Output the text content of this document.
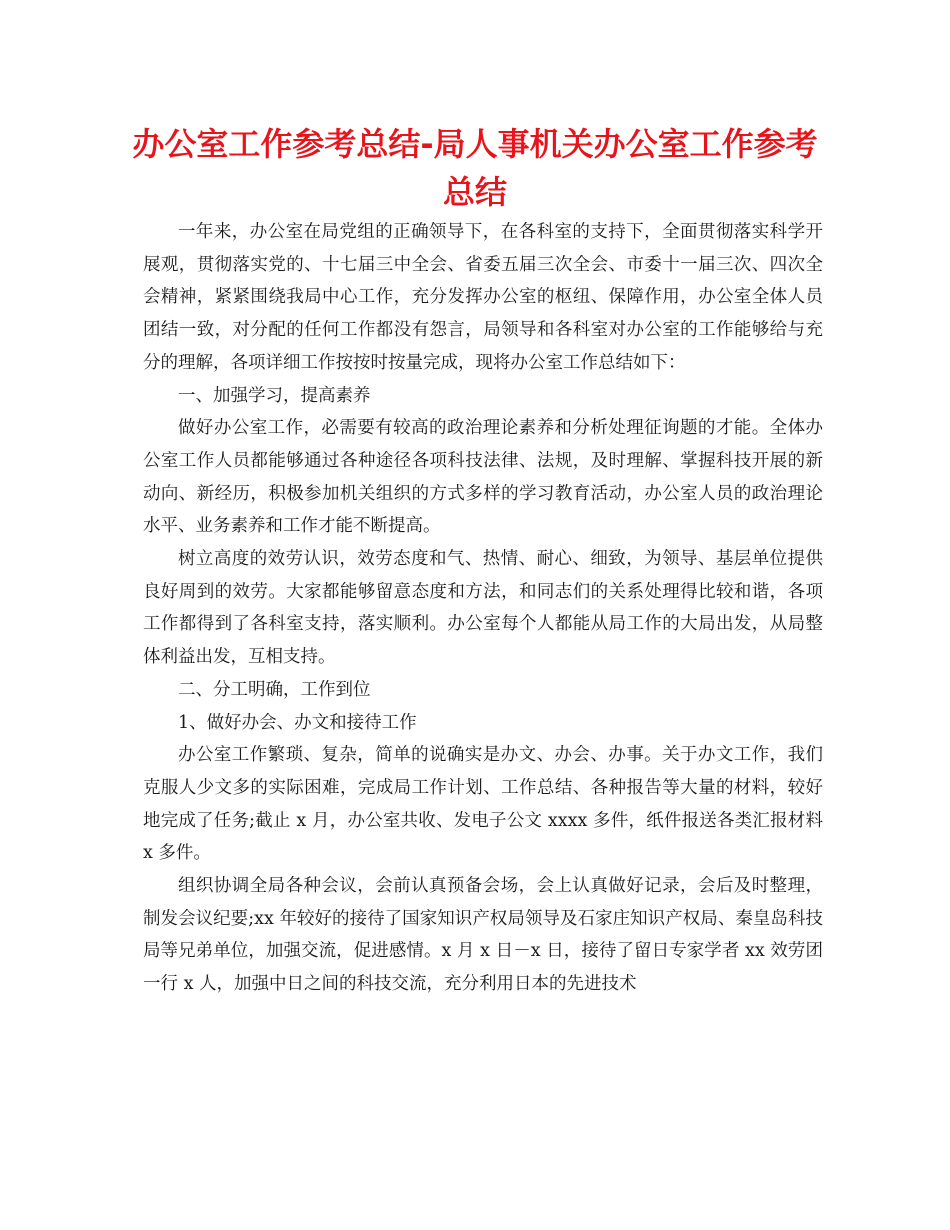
办公室工作参考总结-局人事机关办公室工作参考总结

一年来，办公室在局党组的正确领导下，在各科室的支持下，全面贯彻落实科学开展观，贯彻落实党的、十七届三中全会、省委五届三次全会、市委十一届三次、四次全会精神，紧紧围绕我局中心工作，充分发挥办公室的枢纽、保障作用，办公室全体人员团结一致，对分配的任何工作都没有怨言，局领导和各科室对办公室的工作能够给与充分的理解，各项详细工作按按时按量完成，现将办公室工作总结如下：

一、加强学习，提高素养

做好办公室工作，必需要有较高的政治理论素养和分析处理征询题的才能。全体办公室工作人员都能够通过各种途径各项科技法律、法规，及时理解、掌握科技开展的新动向、新经历，积极参加机关组织的方式多样的学习教育活动，办公室人员的政治理论水平、业务素养和工作才能不断提高。

树立高度的效劳认识，效劳态度和气、热情、耐心、细致，为领导、基层单位提供良好周到的效劳。大家都能够留意态度和方法，和同志们的关系处理得比较和谐，各项工作都得到了各科室支持，落实顺利。办公室每个人都能从局工作的大局出发，从局整体利益出发，互相支持。

二、分工明确，工作到位

1、做好办会、办文和接待工作

办公室工作繁琐、复杂，简单的说确实是办文、办会、办事。关于办文工作，我们克服人少文多的实际困难，完成局工作计划、工作总结、各种报告等大量的材料，较好地完成了任务;截止 x 月，办公室共收、发电子公文 xxxx 多件，纸件报送各类汇报材料 x 多件。

组织协调全局各种会议，会前认真预备会场，会上认真做好记录，会后及时整理，制发会议纪要;xx 年较好的接待了国家知识产权局领导及石家庄知识产权局、秦皇岛科技局等兄弟单位，加强交流，促进感情。x 月 x 日－x 日，接待了留日专家学者 xx 效劳团一行 x 人，加强中日之间的科技交流，充分利用日本的先进技术
